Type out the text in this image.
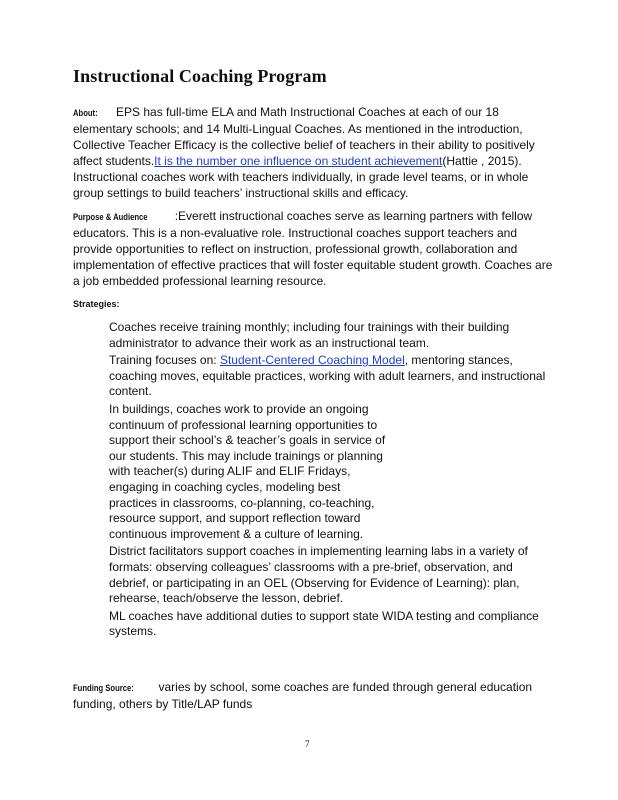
Instructional Coaching Program

About: EPS has full-time ELA and Math Instructional Coaches at each of our 18 elementary schools; and 14 Multi-Lingual Coaches. As mentioned in the introduction, Collective Teacher Efficacy is the collective belief of teachers in their ability to positively affect students.It is the number one influence on student achievement(Hattie , 2015). Instructional coaches work with teachers individually, in grade level teams, or in whole group settings to build teachers’ instructional skills and efficacy.

Purpose & Audience :Everett instructional coaches serve as learning partners with fellow educators. This is a non-evaluative role. Instructional coaches support teachers and provide opportunities to reflect on instruction, professional growth, collaboration and implementation of effective practices that will foster equitable student growth. Coaches are a job embedded professional learning resource.

Strategies:
Coaches receive training monthly; including four trainings with their building administrator to advance their work as an instructional team.
Training focuses on: Student-Centered Coaching Model, mentoring stances, coaching moves, equitable practices, working with adult learners, and instructional content.
In buildings, coaches work to provide an ongoing continuum of professional learning opportunities to support their school’s & teacher’s goals in service of our students. This may include trainings or planning with teacher(s) during ALIF and ELIF Fridays, engaging in coaching cycles, modeling best practices in classrooms, co-planning, co-teaching, resource support, and support reflection toward continuous improvement & a culture of learning.
District facilitators support coaches in implementing learning labs in a variety of formats: observing colleagues’ classrooms with a pre-brief, observation, and debrief, or participating in an OEL (Observing for Evidence of Learning): plan, rehearse, teach/observe the lesson, debrief.
ML coaches have additional duties to support state WIDA testing and compliance systems.

Funding Source: varies by school, some coaches are funded through general education funding, others by Title/LAP funds

7
